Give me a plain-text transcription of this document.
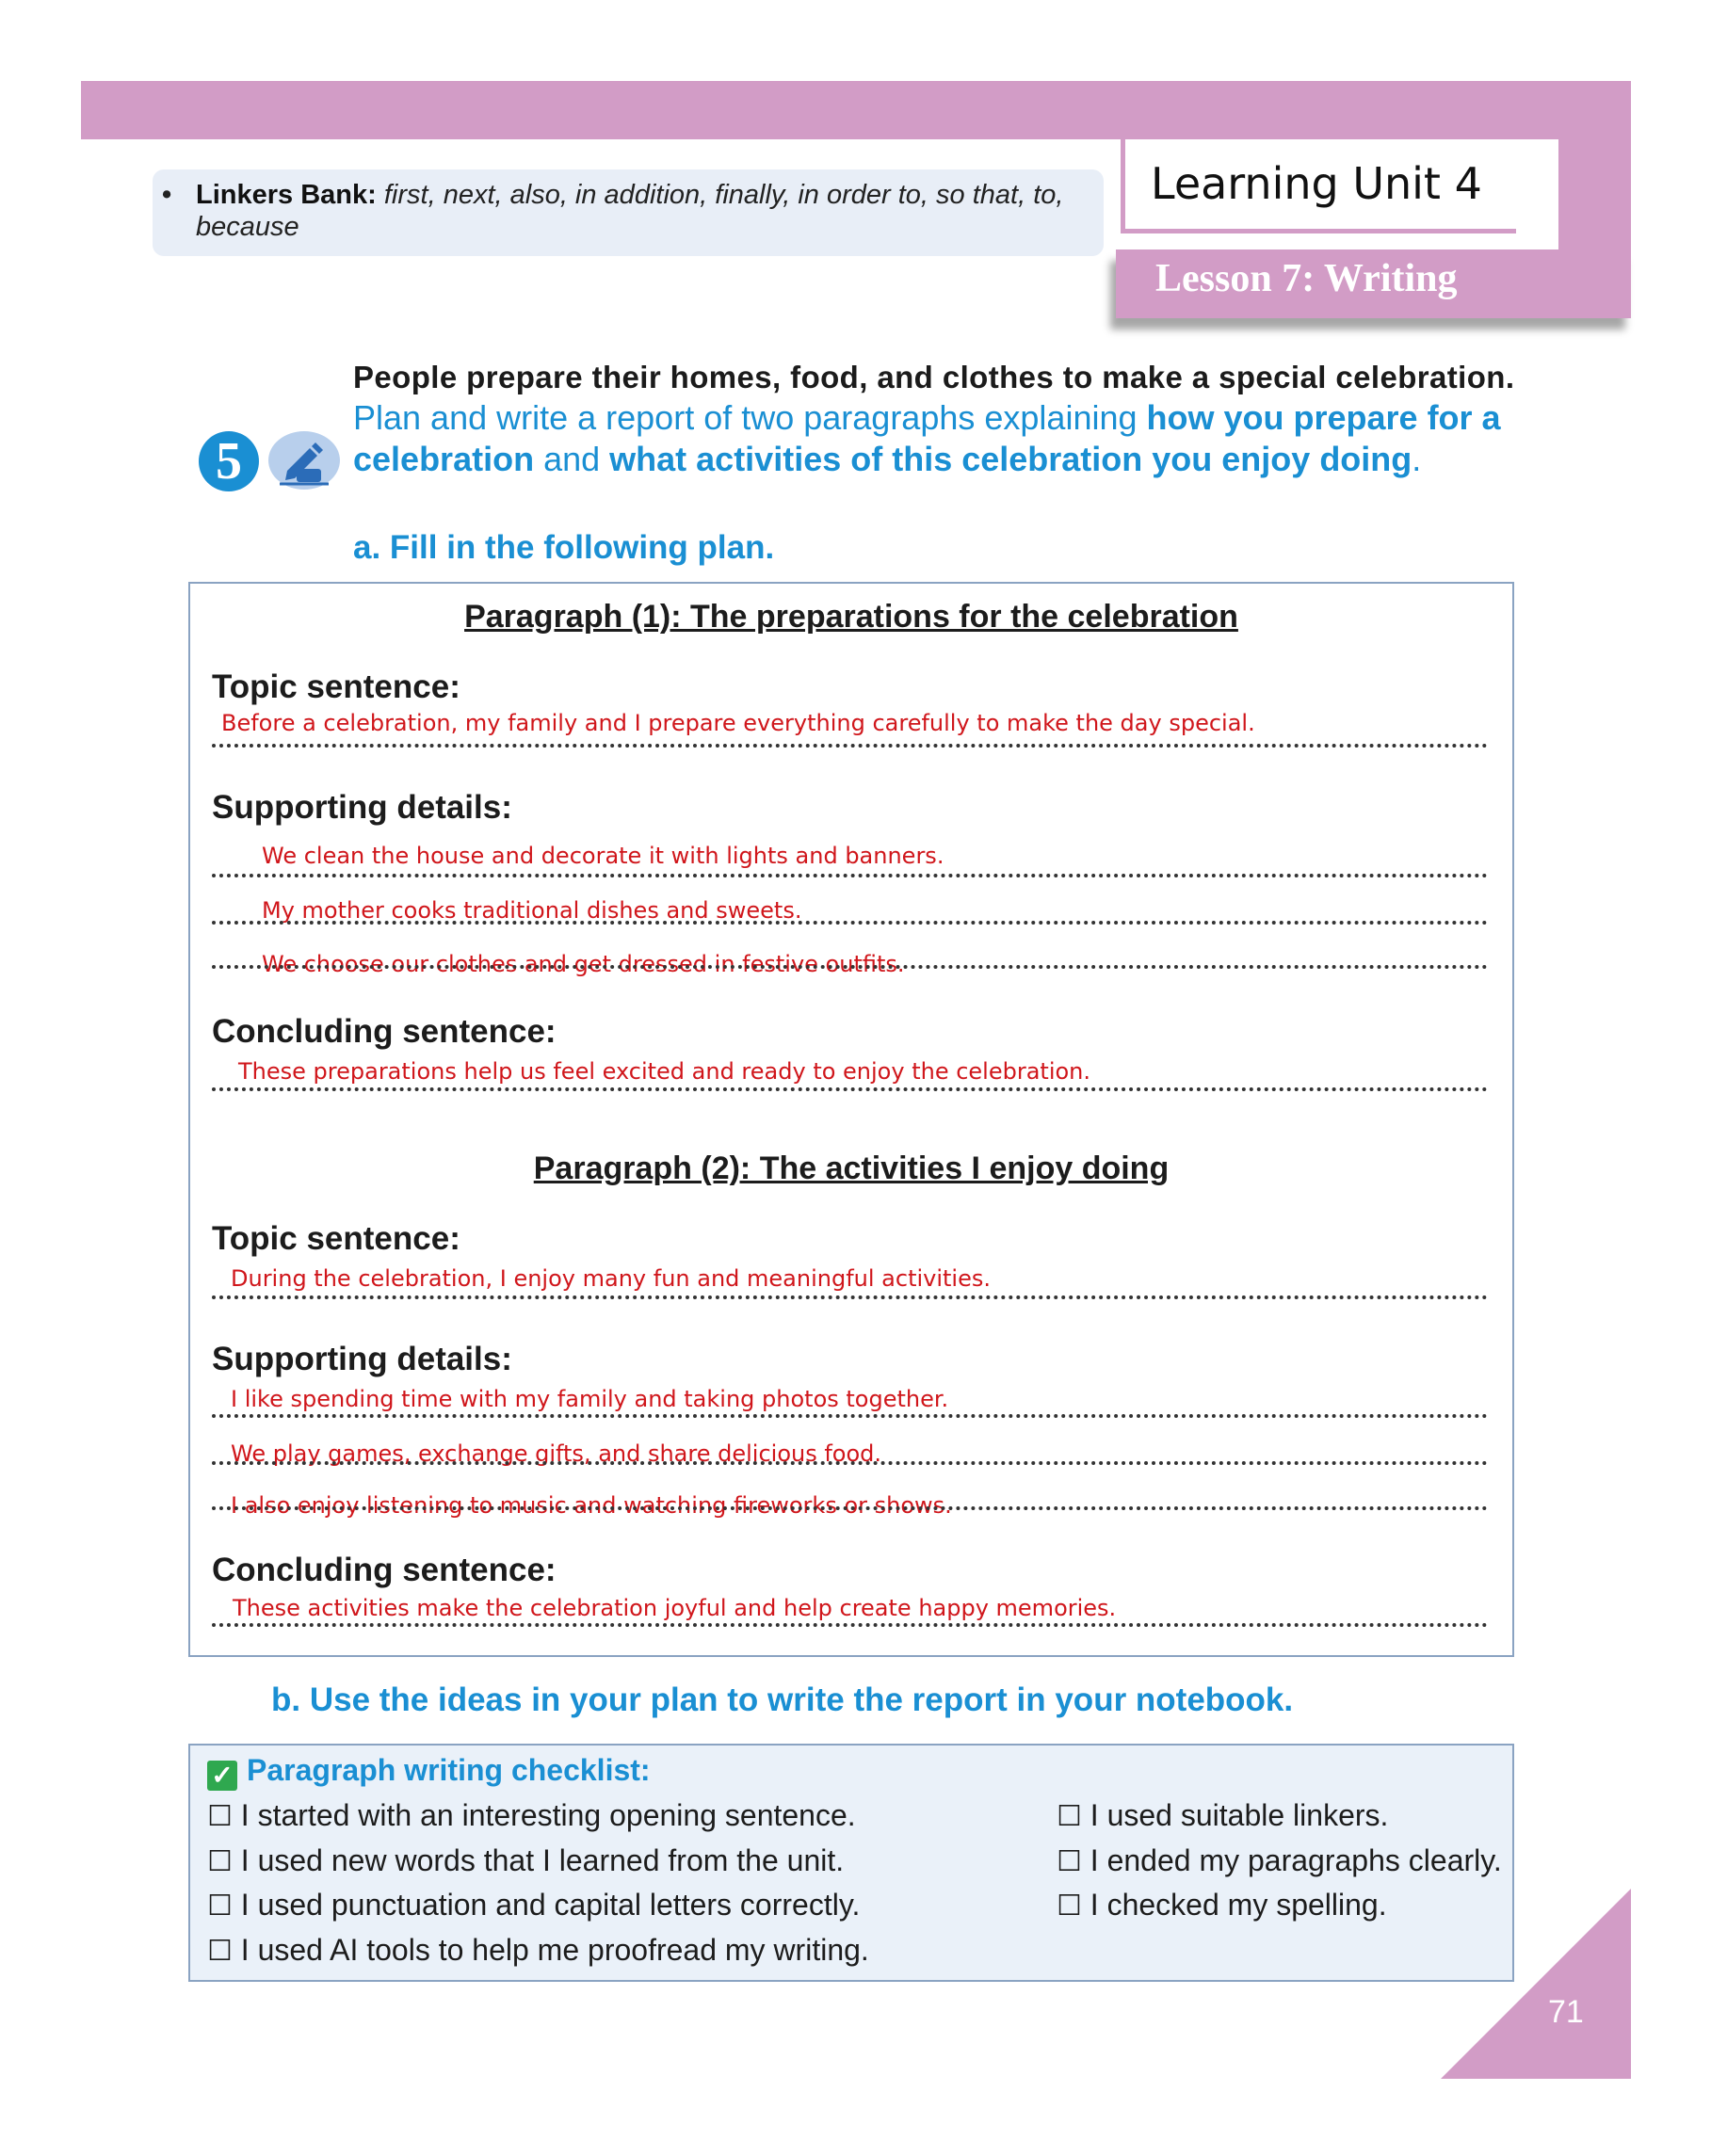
Learning Unit 4
Lesson 7: Writing
• Linkers Bank: first, next, also, in addition, finally, in order to, so that, to, because
5
People prepare their homes, food, and clothes to make a special celebration.
Plan and write a report of two paragraphs explaining how you prepare for a celebration and what activities of this celebration you enjoy doing.
a. Fill in the following plan.
Paragraph (1): The preparations for the celebration
Topic sentence:
Before a celebration, my family and I prepare everything carefully to make the day special.
Supporting details:
We clean the house and decorate it with lights and banners.
My mother cooks traditional dishes and sweets.
We choose our clothes and get dressed in festive outfits.
Concluding sentence:
These preparations help us feel excited and ready to enjoy the celebration.
Paragraph (2): The activities I enjoy doing
Topic sentence:
During the celebration, I enjoy many fun and meaningful activities.
Supporting details:
I like spending time with my family and taking photos together.
We play games, exchange gifts, and share delicious food.
I also enjoy listening to music and watching fireworks or shows.
Concluding sentence:
These activities make the celebration joyful and help create happy memories.
b. Use the ideas in your plan to write the report in your notebook.
✓ Paragraph writing checklist:
☐ I started with an interesting opening sentence.
☐ I used new words that I learned from the unit.
☐ I used punctuation and capital letters correctly.
☐ I used AI tools to help me proofread my writing.
☐ I used suitable linkers.
☐ I ended my paragraphs clearly.
☐ I checked my spelling.
71
